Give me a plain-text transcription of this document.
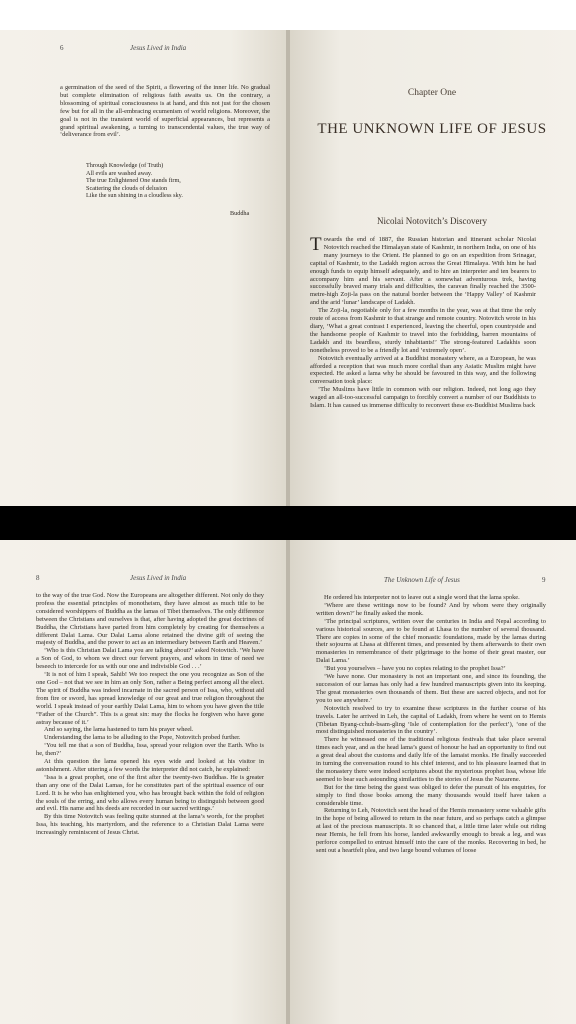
6	Jesus Lived in India

a germination of the seed of the Spirit, a flowering of the inner life. No gradual but complete elimination of religious faith awaits us. On the contrary, a blossoming of spiritual consciousness is at hand, and this not just for the chosen few but for all in the all-embracing ecumenism of world religions. Moreover, the goal is not in the transient world of superficial appearances, but represents a grand spiritual awakening, a turning to transcendental values, the true way of ‘deliverance from evil’.

Through Knowledge (of Truth)
All evils are washed away.
The true Enlightened One stands firm,
Scattering the clouds of delusion
Like the sun shining in a cloudless sky.
Buddha
Chapter One
THE UNKNOWN LIFE OF JESUS
Nicolai Notovitch’s Discovery

Towards the end of 1887, the Russian historian and itinerant scholar Nicolai Notovitch reached the Himalayan state of Kashmir, in northern India, on one of his many journeys to the Orient. He planned to go on an expedition from Srinagar, capital of Kashmir, to the Ladakh region across the Great Himalaya. With him he had enough funds to equip himself adequately, and to hire an interpreter and ten bearers to accompany him and his servant. After a somewhat adventurous trek, having successfully braved many trials and difficulties, the caravan finally reached the 3500-metre-high Zoji-la pass on the natural border between the ‘Happy Valley’ of Kashmir and the arid ‘lunar’ landscape of Ladakh.

The Zoji-la, negotiable only for a few months in the year, was at that time the only route of access from Kashmir to that strange and remote country. Notovitch wrote in his diary, ‘What a great contrast I experienced, leaving the cheerful, open countryside and the handsome people of Kashmir to travel into the forbidding, barren mountains of Ladakh and its beardless, sturdy inhabitants!’ The strong-featured Ladakhis soon nonetheless proved to be a friendly lot and ‘extremely open’.

Notovitch eventually arrived at a Buddhist monastery where, as a European, he was afforded a reception that was much more cordial than any Asiatic Muslim might have expected. He asked a lama why he should be favoured in this way, and the following conversation took place:

‘The Muslims have little in common with our religion. Indeed, not long ago they waged an all-too-successful campaign to forcibly convert a number of our Buddhists to Islam. It has caused us immense difficulty to reconvert these ex-Buddhist Muslims back

8	Jesus Lived in India

to the way of the true God. Now the Europeans are altogether different. Not only do they profess the essential principles of monotheism, they have almost as much title to be considered worshippers of Buddha as the lamas of Tibet themselves. The only difference between the Christians and ourselves is that, after having adopted the great doctrines of Buddha, the Christians have parted from him completely by creating for themselves a different Dalai Lama. Our Dalai Lama alone retained the divine gift of seeing the majesty of Buddha, and the power to act as an intermediary between Earth and Heaven.’

‘Who is this Christian Dalai Lama you are talking about?’ asked Notovitch. ‘We have a Son of God, to whom we direct our fervent prayers, and whom in time of need we beseech to intercede for us with our one and indivisible God . . .’

‘It is not of him I speak, Sahib! We too respect the one you recognize as Son of the one God – not that we see in him an only Son, rather a Being perfect among all the elect. The spirit of Buddha was indeed incarnate in the sacred person of Issa, who, without aid from fire or sword, has spread knowledge of our great and true religion throughout the world. I speak instead of your earthly Dalai Lama, him to whom you have given the title “Father of the Church”. This is a great sin: may the flocks he forgiven who have gone astray because of it.’

And so saying, the lama hastened to turn his prayer wheel.

Understanding the lama to be alluding to the Pope, Notovitch probed further.

‘You tell me that a son of Buddha, Issa, spread your religion over the Earth. Who is he, then?’

At this question the lama opened his eyes wide and looked at his visitor in astonishment. After uttering a few words the interpreter did not catch, he explained:

‘Issa is a great prophet, one of the first after the twenty-two Buddhas. He is greater than any one of the Dalai Lamas, for he constitutes part of the spiritual essence of our Lord. It is he who has enlightened you, who has brought back within the fold of religion the souls of the erring, and who allows every human being to distinguish between good and evil. His name and his deeds are recorded in our sacred writings.’

By this time Notovitch was feeling quite stunned at the lama’s words, for the prophet Issa, his teaching, his martyrdom, and the reference to a Christian Dalai Lama were increasingly reminiscent of Jesus Christ.

The Unknown Life of Jesus	9

He ordered his interpreter not to leave out a single word that the lama spoke.

‘Where are these writings now to be found? And by whom were they originally written down?’ he finally asked the monk.

‘The principal scriptures, written over the centuries in India and Nepal according to various historical sources, are to be found at Lhasa to the number of several thousand. There are copies in some of the chief monastic foundations, made by the lamas during their sojourns at Lhasa at different times, and presented by them afterwards to their own monasteries in remembrance of their pilgrimage to the home of their great master, our Dalai Lama.’

‘But you yourselves – have you no copies relating to the prophet Issa?’

‘We have none. Our monastery is not an important one, and since its founding, the succession of our lamas has only had a few hundred manuscripts given into its keeping. The great monasteries own thousands of them. But these are sacred objects, and not for you to see anywhere.’

Notovitch resolved to try to examine these scriptures in the further course of his travels. Later he arrived in Leh, the capital of Ladakh, from where he went on to Hemis (Tibetan Byang-cchub-bsam-gling ‘Isle of contemplation for the perfect’), ‘one of the most distinguished monasteries in the country’.

There he witnessed one of the traditional religious festivals that take place several times each year, and as the head lama’s guest of honour he had an opportunity to find out a great deal about the customs and daily life of the lamaist monks. He finally succeeded in turning the conversation round to his chief interest, and to his pleasure learned that in the monastery there were indeed scriptures about the mysterious prophet Issa, whose life seemed to bear such astounding similarities to the stories of Jesus the Nazarene.

But for the time being the guest was obliged to defer the pursuit of his enquiries, for simply to find those books among the many thousands would itself have taken a considerable time.

Returning to Leh, Notovitch sent the head of the Hemis monastery some valuable gifts in the hope of being allowed to return in the near future, and so perhaps catch a glimpse at last of the precious manuscripts. It so chanced that, a little time later while out riding near Hemis, he fell from his horse, landed awkwardly enough to break a leg, and was perforce compelled to entrust himself into the care of the monks. Recovering in bed, he sent out a heartfelt plea, and two large bound volumes of loose
